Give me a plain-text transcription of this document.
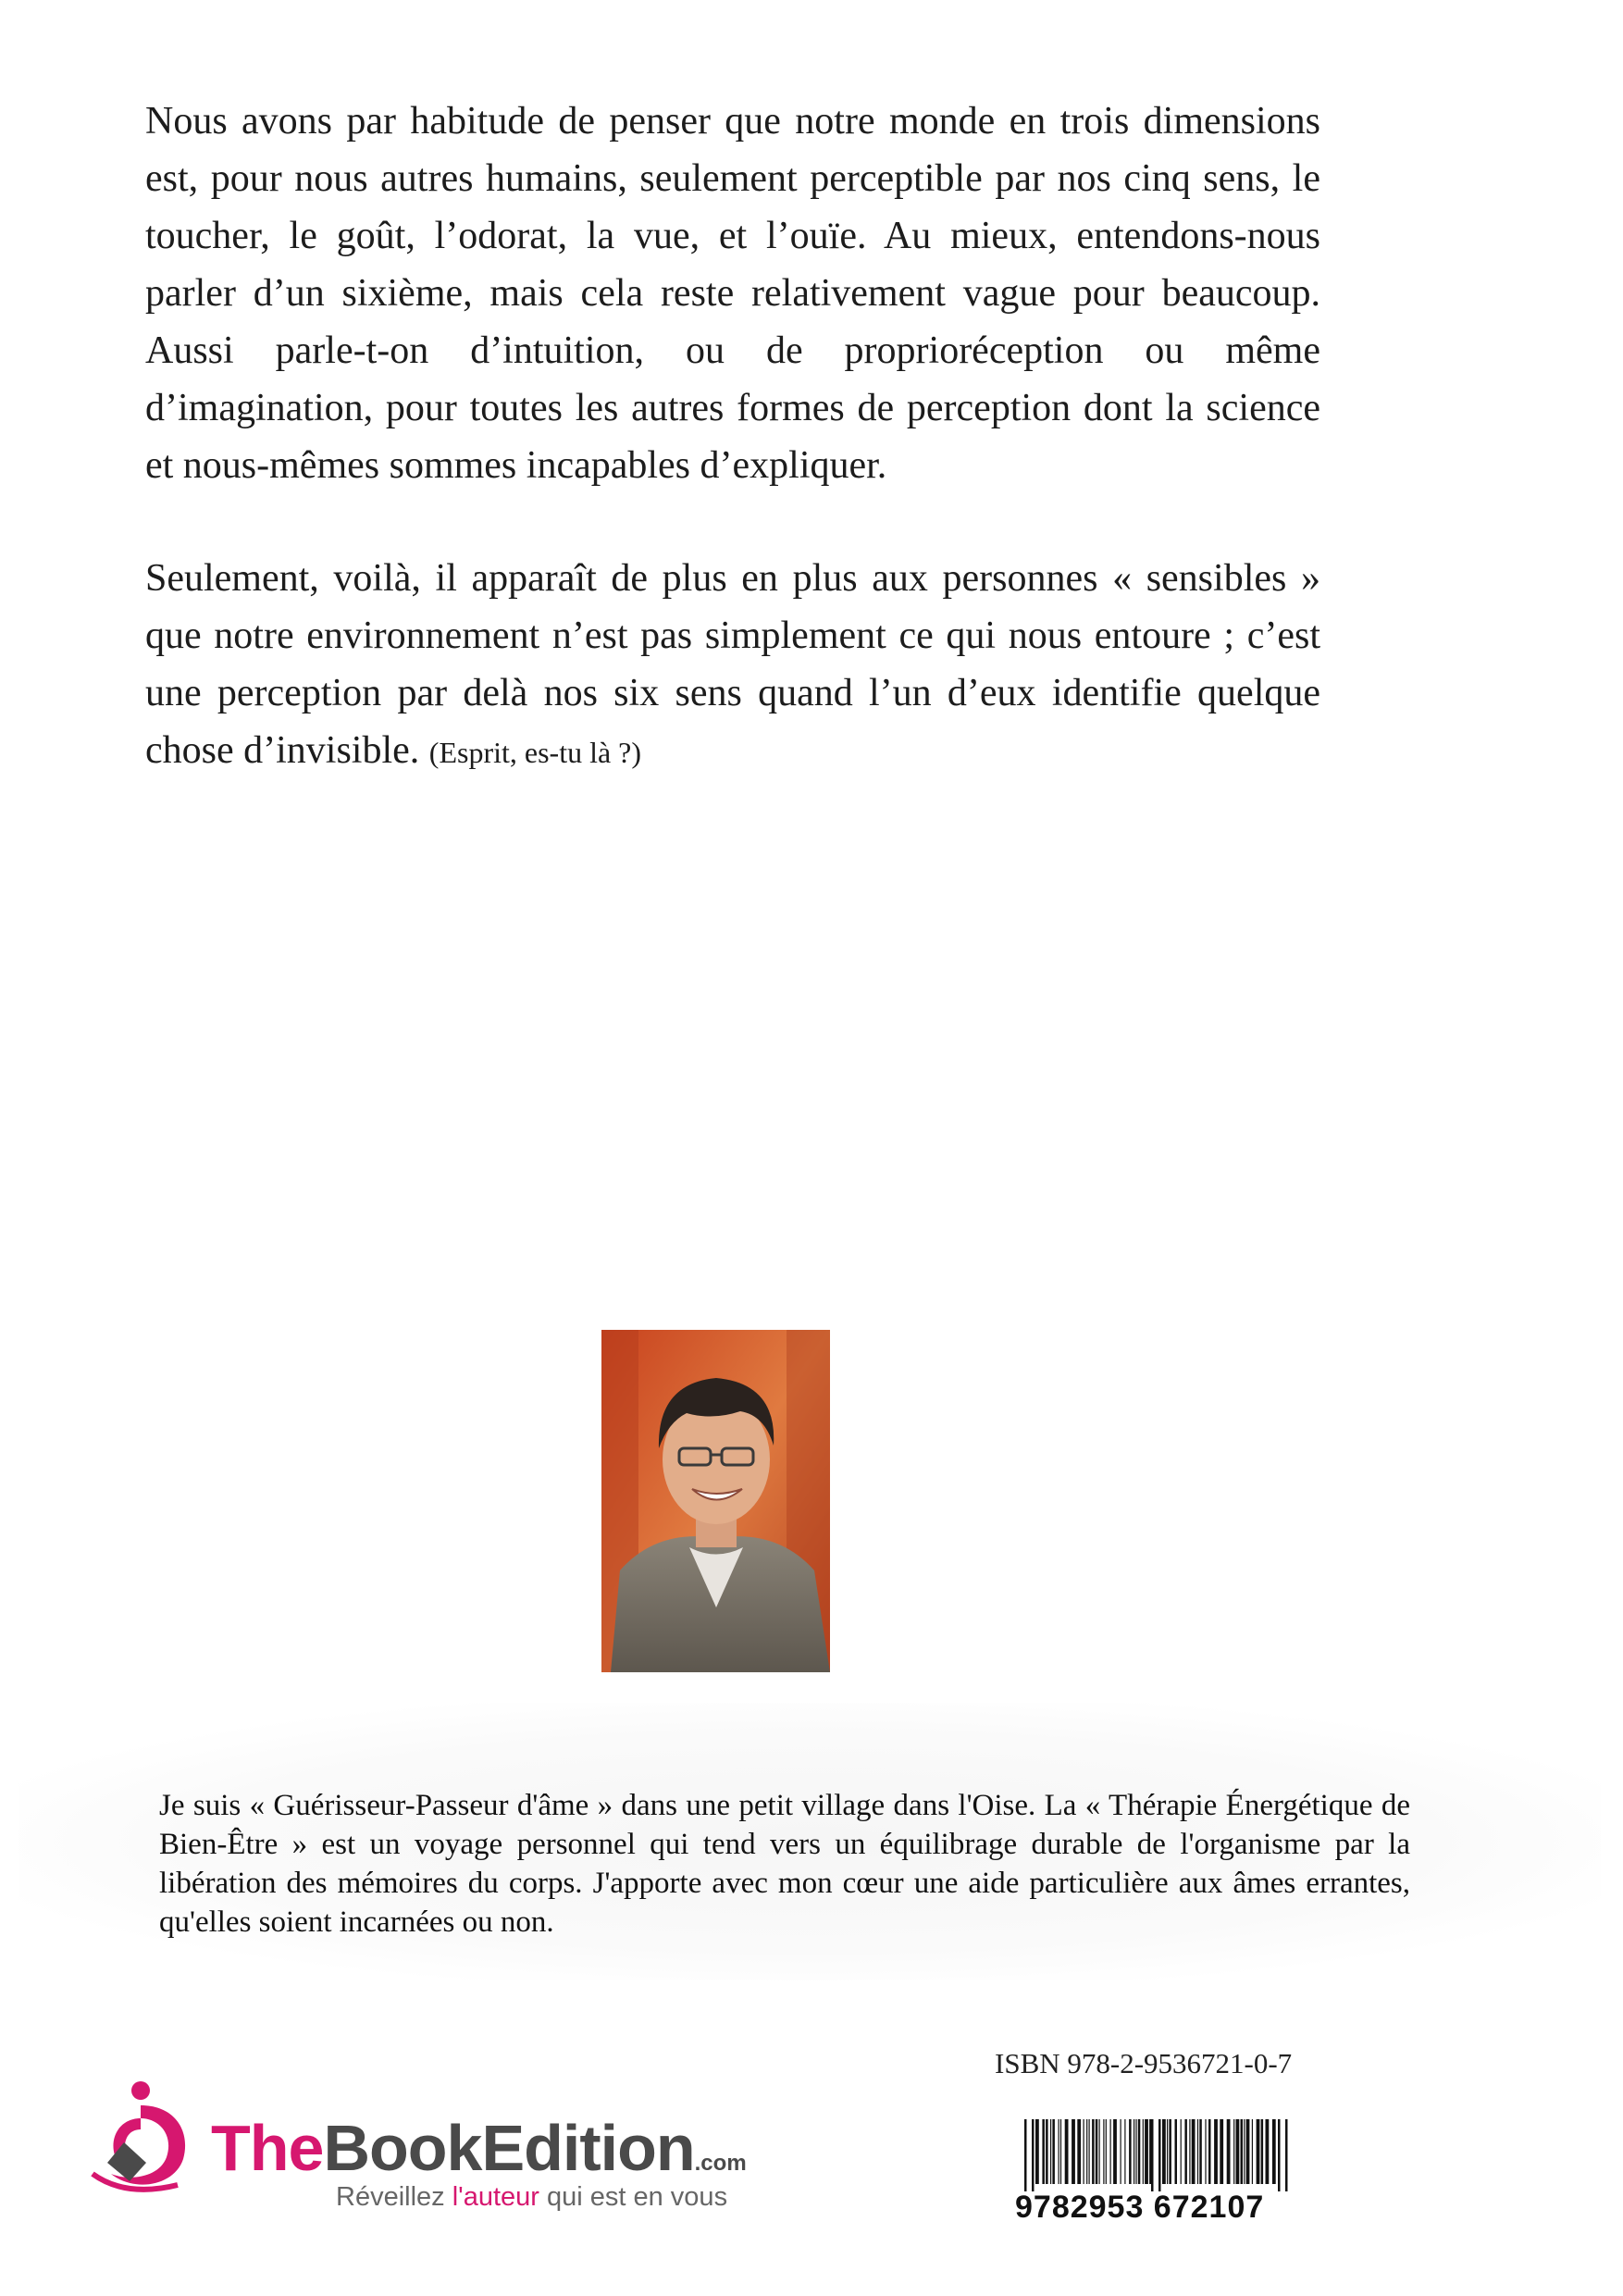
Nous avons par habitude de penser que notre monde en trois dimensions est, pour nous autres humains, seulement perceptible par nos cinq sens, le toucher, le goût, l’odorat, la vue, et l’ouïe. Au mieux, entendons-nous parler d’un sixième, mais cela reste relativement vague pour beaucoup. Aussi parle-t-on d’intuition, ou de proprioréception ou même d’imagination, pour toutes les autres formes de perception dont la science et nous-mêmes sommes incapables d’expliquer.

Seulement, voilà, il apparaît de plus en plus aux personnes « sensibles » que notre environnement n’est pas simplement ce qui nous entoure ; c’est une perception par delà nos six sens quand l’un d’eux identifie quelque chose d’invisible. (Esprit, es-tu là ?)

Je suis « Guérisseur-Passeur d'âme » dans une petit village dans l'Oise. La « Thérapie Énergétique de Bien-Être » est un voyage personnel qui tend vers un équilibrage durable de l'organisme par la libération des mémoires du corps. J'apporte avec mon cœur une aide particulière aux âmes errantes, qu'elles soient incarnées ou non.
ISBN 978-2-9536721-0-7
9782953 672107
TheBookEdition.com
Réveillez l'auteur qui est en vous
